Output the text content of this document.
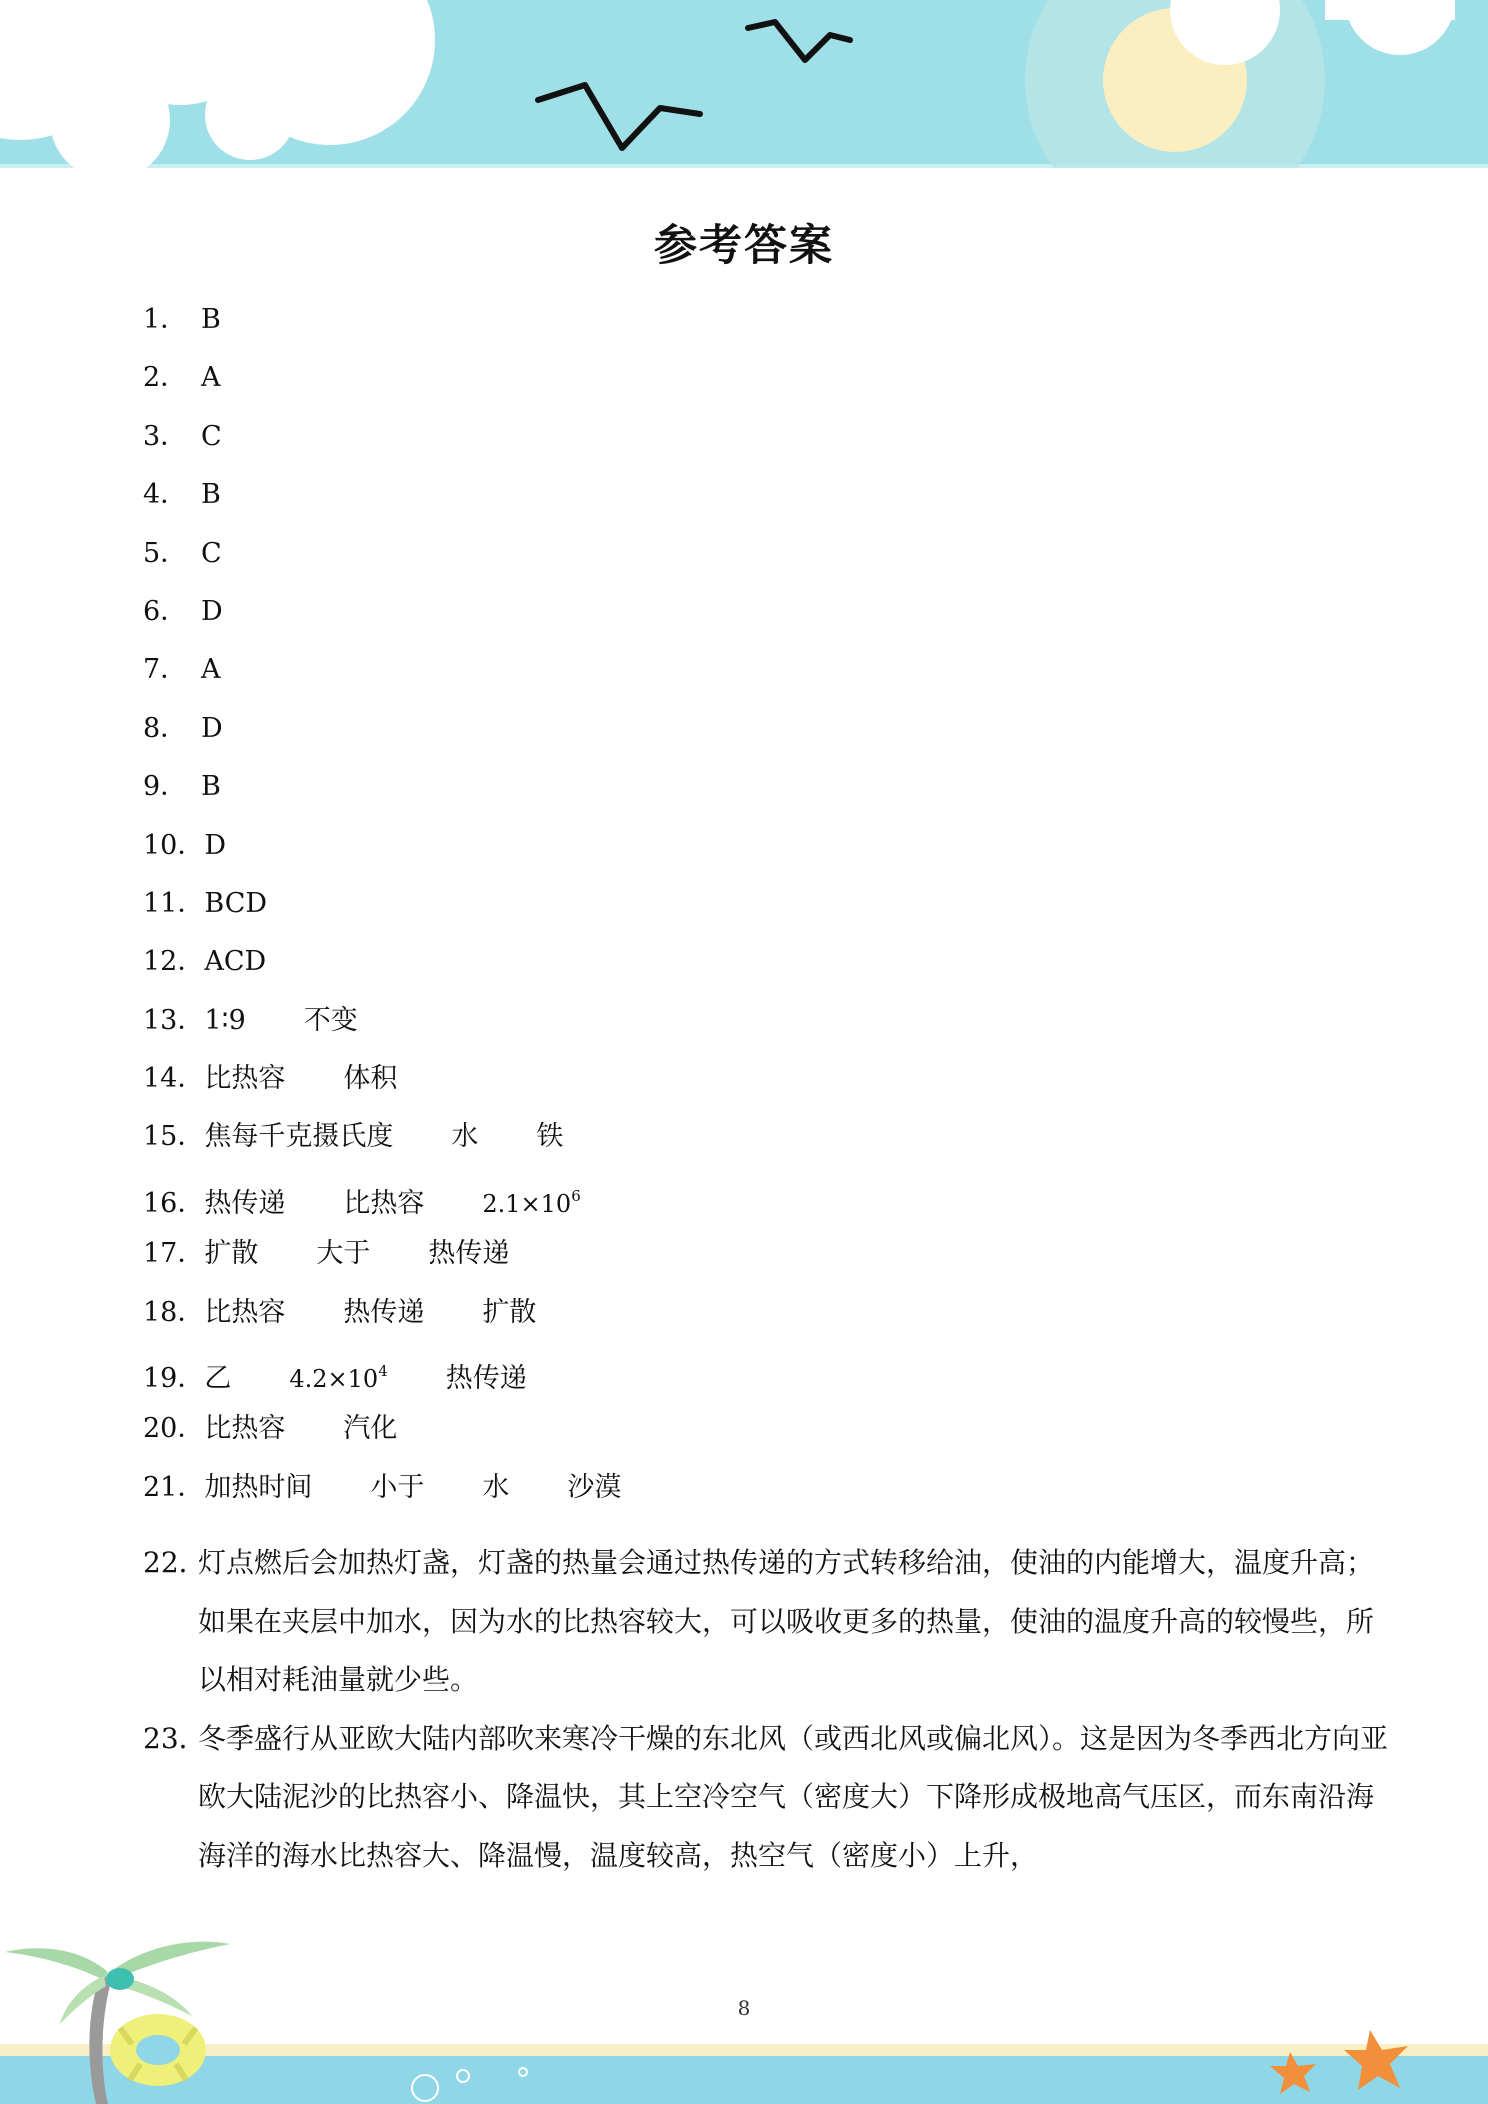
参考答案
1． B
2． A
3． C
4． B
5． C
6． D
7． A
8． D
9． B
10．D
11．BCD
12．ACD
13．1∶9 不变
14．比热容 体积
15．焦每千克摄氏度 水 铁
16．热传递 比热容 $2.1\times 10^6$
17．扩散 大于 热传递
18．比热容 热传递 扩散
19．乙 $4.2\times 10^4$ 热传递
20．比热容 汽化
21．加热时间 小于 水 沙漠
22．灯点燃后会加热灯盏，灯盏的热量会通过热传递的方式转移给油，使油的内能增大，温度升高；如果在夹层中加水，因为水的比热容较大，可以吸收更多的热量，使油的温度升高的较慢些，所以相对耗油量就少些。
23．冬季盛行从亚欧大陆内部吹来寒冷干燥的东北风（或西北风或偏北风）。这是因为冬季西北方向亚欧大陆泥沙的比热容小、降温快，其上空冷空气（密度大）下降形成极地高气压区，而东南沿海海洋的海水比热容大、降温慢，温度较高，热空气（密度小）上升，
8
